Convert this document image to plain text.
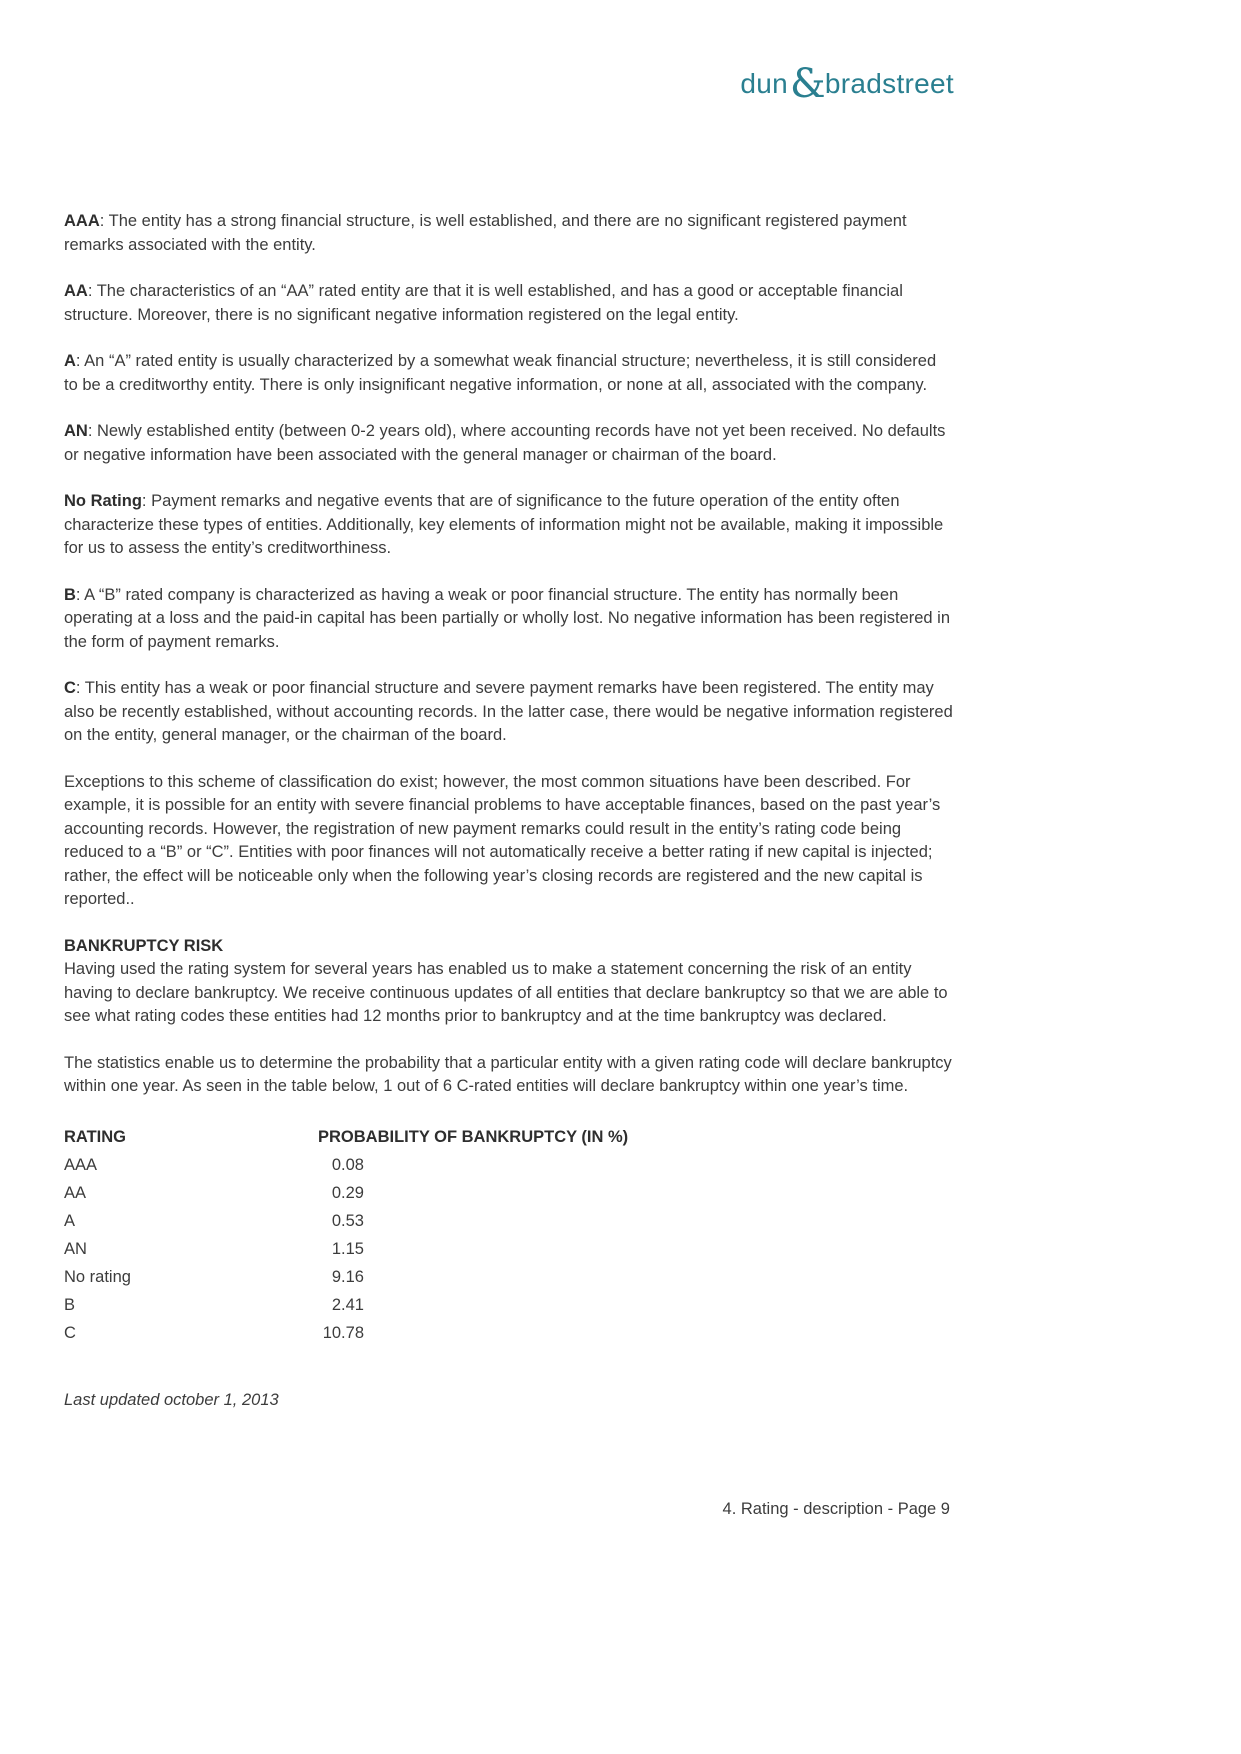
dun&bradstreet

AAA: The entity has a strong financial structure, is well established, and there are no significant registered payment remarks associated with the entity.

AA: The characteristics of an “AA” rated entity are that it is well established, and has a good or acceptable financial structure. Moreover, there is no significant negative information registered on the legal entity.

A: An “A” rated entity is usually characterized by a somewhat weak financial structure; nevertheless, it is still considered to be a creditworthy entity. There is only insignificant negative information, or none at all, associated with the company.

AN: Newly established entity (between 0-2 years old), where accounting records have not yet been received. No defaults or negative information have been associated with the general manager or chairman of the board.

No Rating: Payment remarks and negative events that are of significance to the future operation of the entity often characterize these types of entities. Additionally, key elements of information might not be available, making it impossible for us to assess the entity’s creditworthiness.

B: A “B” rated company is characterized as having a weak or poor financial structure. The entity has normally been operating at a loss and the paid-in capital has been partially or wholly lost. No negative information has been registered in the form of payment remarks.

C: This entity has a weak or poor financial structure and severe payment remarks have been registered. The entity may also be recently established, without accounting records. In the latter case, there would be negative information registered on the entity, general manager, or the chairman of the board.

Exceptions to this scheme of classification do exist; however, the most common situations have been described. For example, it is possible for an entity with severe financial problems to have acceptable finances, based on the past year’s accounting records. However, the registration of new payment remarks could result in the entity’s rating code being reduced to a “B” or “C”. Entities with poor finances will not automatically receive a better rating if new capital is injected; rather, the effect will be noticeable only when the following year’s closing records are registered and the new capital is reported..

BANKRUPTCY RISK

Having used the rating system for several years has enabled us to make a statement concerning the risk of an entity having to declare bankruptcy. We receive continuous updates of all entities that declare bankruptcy so that we are able to see what rating codes these entities had 12 months prior to bankruptcy and at the time bankruptcy was declared.

The statistics enable us to determine the probability that a particular entity with a given rating code will declare bankruptcy within one year. As seen in the table below, 1 out of 6 C-rated entities will declare bankruptcy within one year’s time.

RATING	PROBABILITY OF BANKRUPTCY (IN %)
AAA	0.08
AA	0.29
A	0.53
AN	1.15
No rating	9.16
B	2.41
C	10.78

Last updated october 1, 2013

4. Rating - description - Page 9
